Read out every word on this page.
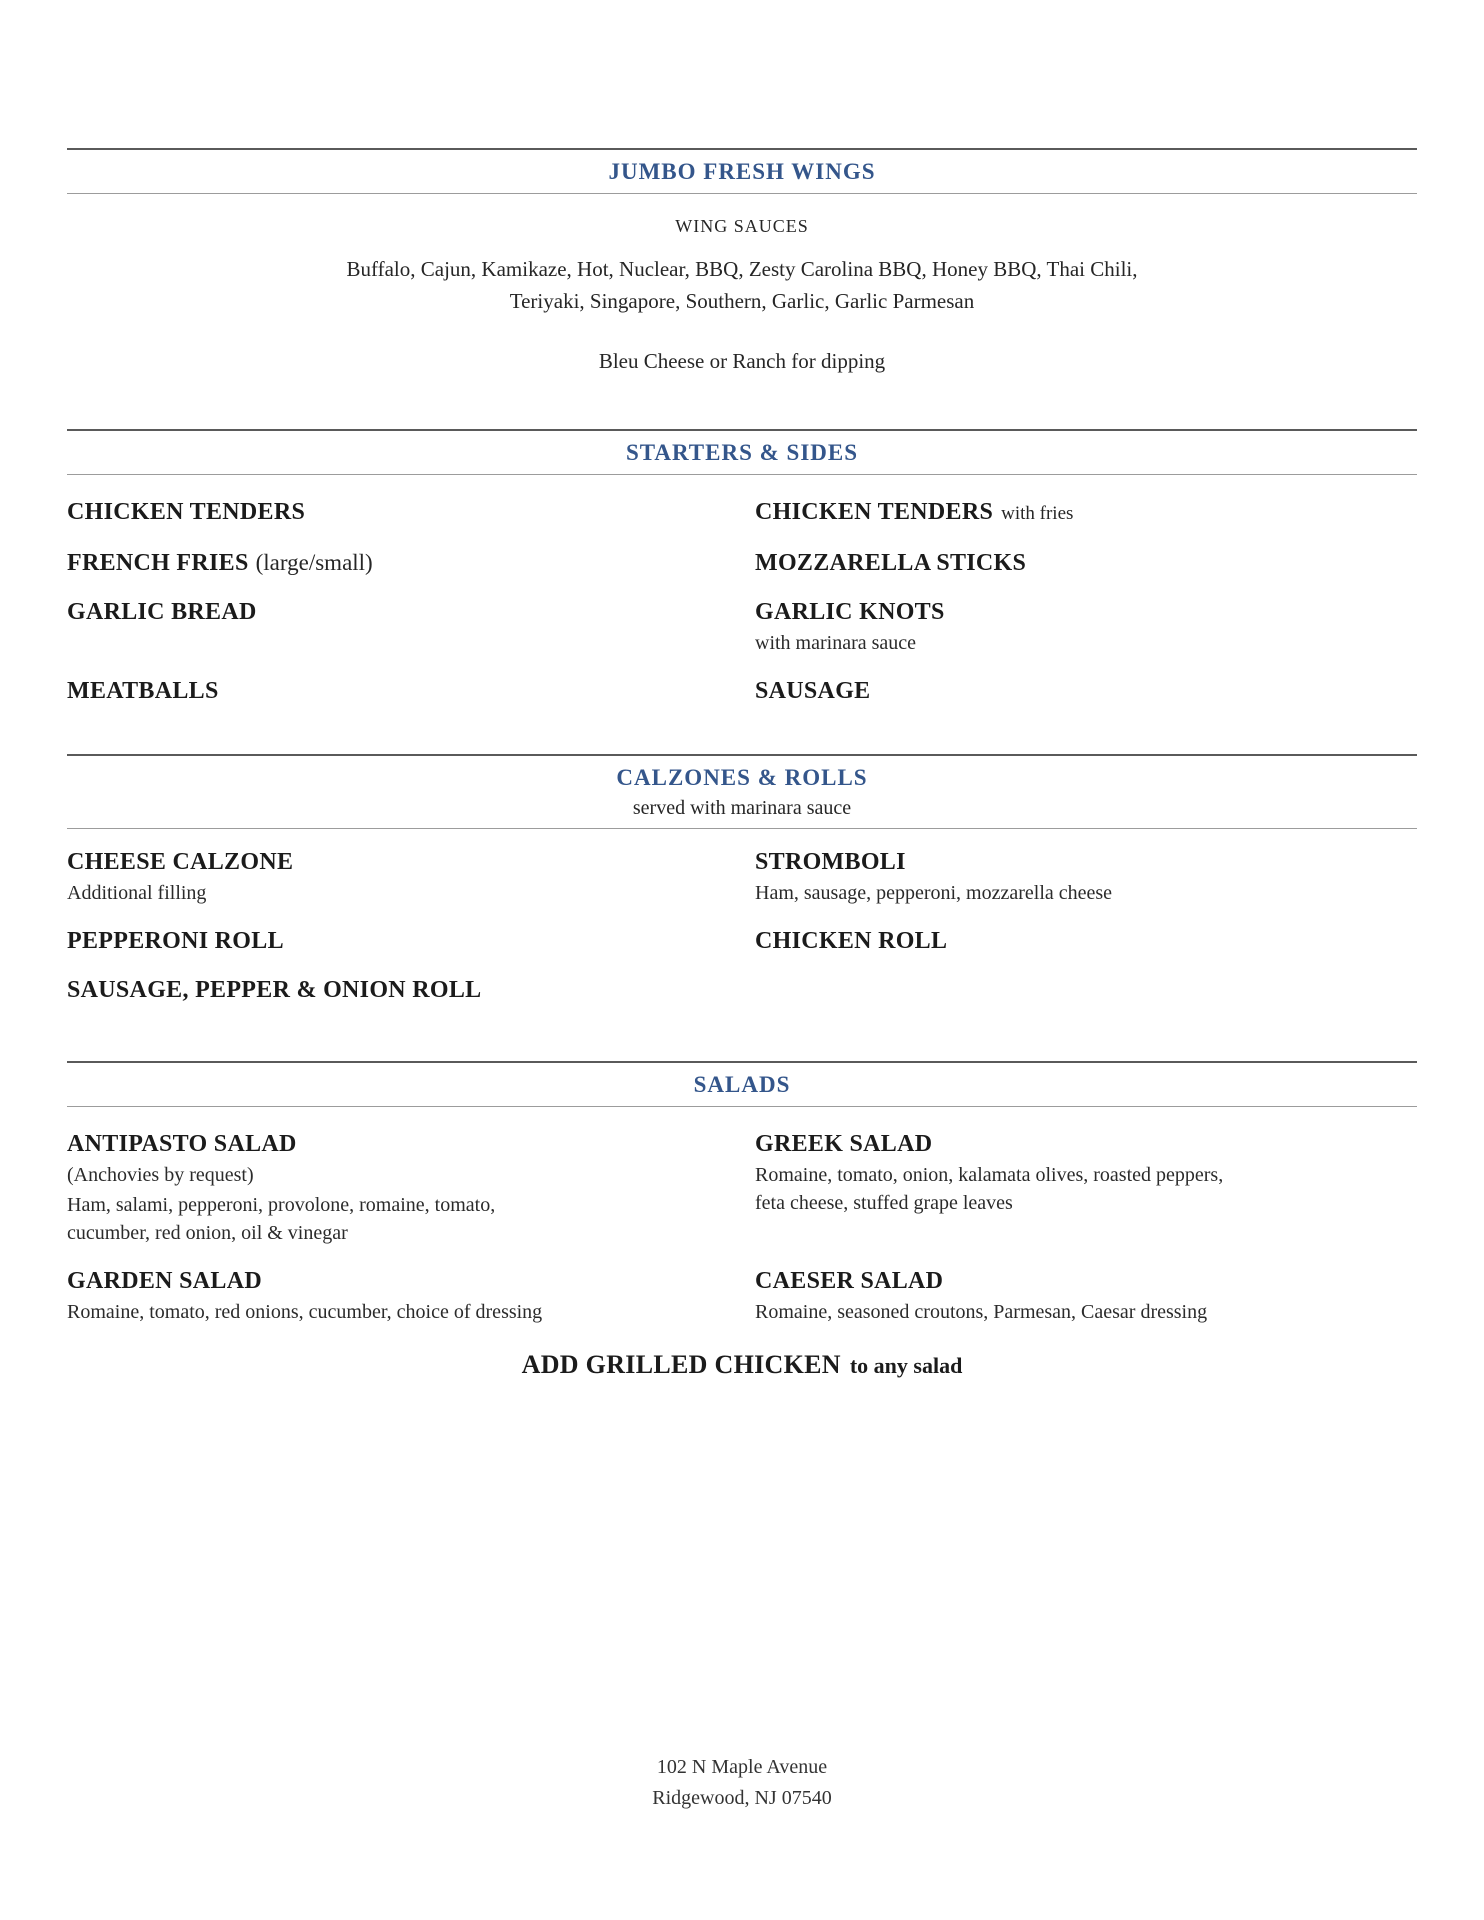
JUMBO FRESH WINGS
WING SAUCES
Buffalo, Cajun, Kamikaze, Hot, Nuclear, BBQ, Zesty Carolina BBQ, Honey BBQ, Thai Chili,
Teriyaki, Singapore, Southern, Garlic, Garlic Parmesan
Bleu Cheese or Ranch for dipping
STARTERS & SIDES
CHICKEN TENDERS	CHICKEN TENDERS with fries
FRENCH FRIES (large/small)	MOZZARELLA STICKS
GARLIC BREAD	GARLIC KNOTS
with marinara sauce
MEATBALLS	SAUSAGE
CALZONES & ROLLS
served with marinara sauce
CHEESE CALZONE
Additional filling
STROMBOLI
Ham, sausage, pepperoni, mozzarella cheese
PEPPERONI ROLL	CHICKEN ROLL
SAUSAGE, PEPPER & ONION ROLL
SALADS
ANTIPASTO SALAD
(Anchovies by request)
Ham, salami, pepperoni, provolone, romaine, tomato, cucumber, red onion, oil & vinegar
GREEK SALAD
Romaine, tomato, onion, kalamata olives, roasted peppers, feta cheese, stuffed grape leaves
GARDEN SALAD
Romaine, tomato, red onions, cucumber, choice of dressing
CAESER SALAD
Romaine, seasoned croutons, Parmesan, Caesar dressing
ADD GRILLED CHICKEN to any salad
102 N Maple Avenue
Ridgewood, NJ 07540
